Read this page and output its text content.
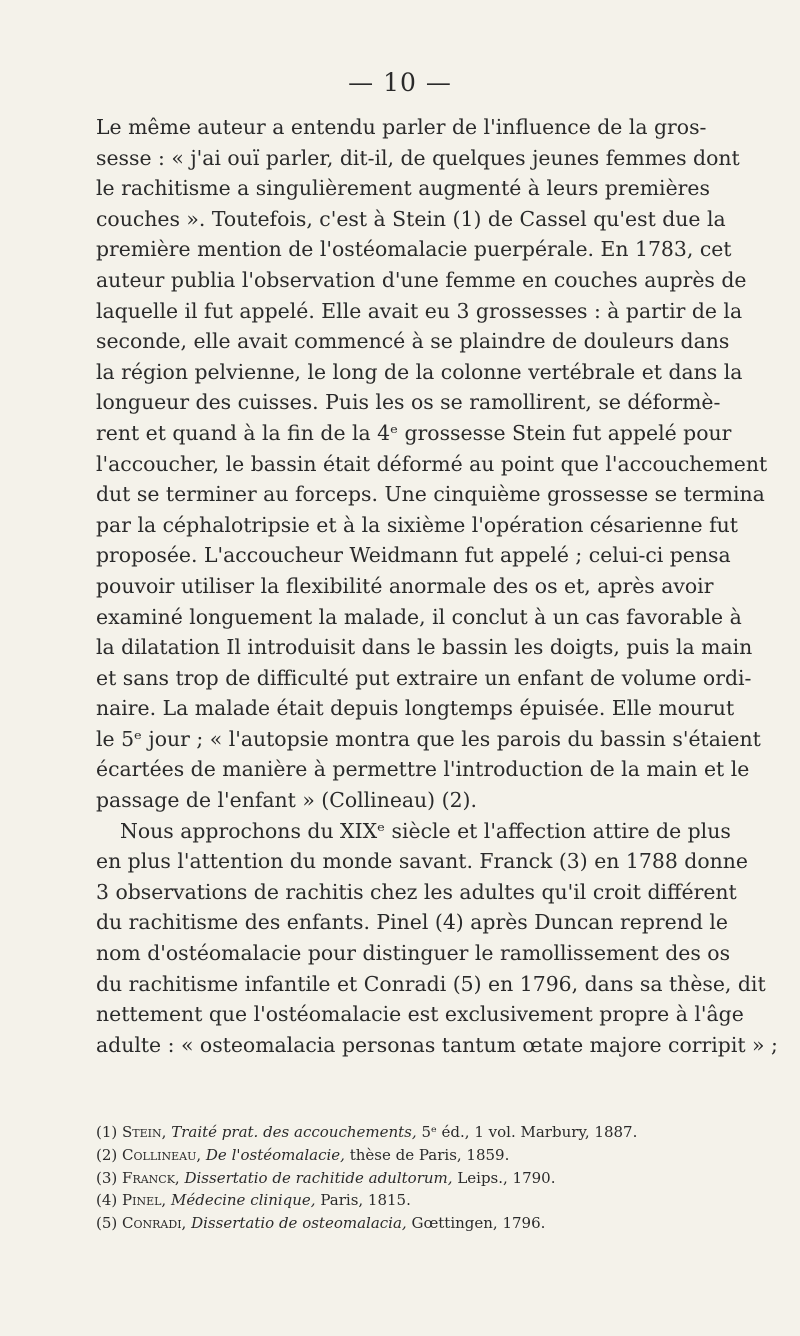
— 10 —
Le même auteur a entendu parler de l'influence de la gros-
sesse : « j'ai ouï parler, dit-il, de quelques jeunes femmes dont
le rachitisme a singulièrement augmenté à leurs premières
couches ». Toutefois, c'est à Stein (1) de Cassel qu'est due la
première mention de l'ostéomalacie puerpérale. En 1783, cet
auteur publia l'observation d'une femme en couches auprès de
laquelle il fut appelé. Elle avait eu 3 grossesses : à partir de la
seconde, elle avait commencé à se plaindre de douleurs dans
la région pelvienne, le long de la colonne vertébrale et dans la
longueur des cuisses. Puis les os se ramollirent, se déformè-
rent et quand à la fin de la 4ᵉ grossesse Stein fut appelé pour
l'accoucher, le bassin était déformé au point que l'accouchement
dut se terminer au forceps. Une cinquième grossesse se termina
par la céphalotripsie et à la sixième l'opération césarienne fut
proposée. L'accoucheur Weidmann fut appelé ; celui-ci pensa
pouvoir utiliser la flexibilité anormale des os et, après avoir
examiné longuement la malade, il conclut à un cas favorable à
la dilatation Il introduisit dans le bassin les doigts, puis la main
et sans trop de difficulté put extraire un enfant de volume ordi-
naire. La malade était depuis longtemps épuisée. Elle mourut
le 5ᵉ jour ; « l'autopsie montra que les parois du bassin s'étaient
écartées de manière à permettre l'introduction de la main et le
passage de l'enfant » (Collineau) (2).
Nous approchons du XIXᵉ siècle et l'affection attire de plus
en plus l'attention du monde savant. Franck (3) en 1788 donne
3 observations de rachitis chez les adultes qu'il croit différent
du rachitisme des enfants. Pinel (4) après Duncan reprend le
nom d'ostéomalacie pour distinguer le ramollissement des os
du rachitisme infantile et Conradi (5) en 1796, dans sa thèse, dit
nettement que l'ostéomalacie est exclusivement propre à l'âge
adulte : « osteomalacia personas tantum œtate majore corripit » ;
(1) Stein, Traité prat. des accouchements, 5ᵉ éd., 1 vol. Marbury, 1887.
(2) Collineau, De l'ostéomalacie, thèse de Paris, 1859.
(3) Franck, Dissertatio de rachitide adultorum, Leips., 1790.
(4) Pinel, Médecine clinique, Paris, 1815.
(5) Conradi, Dissertatio de osteomalacia, Gœttingen, 1796.
